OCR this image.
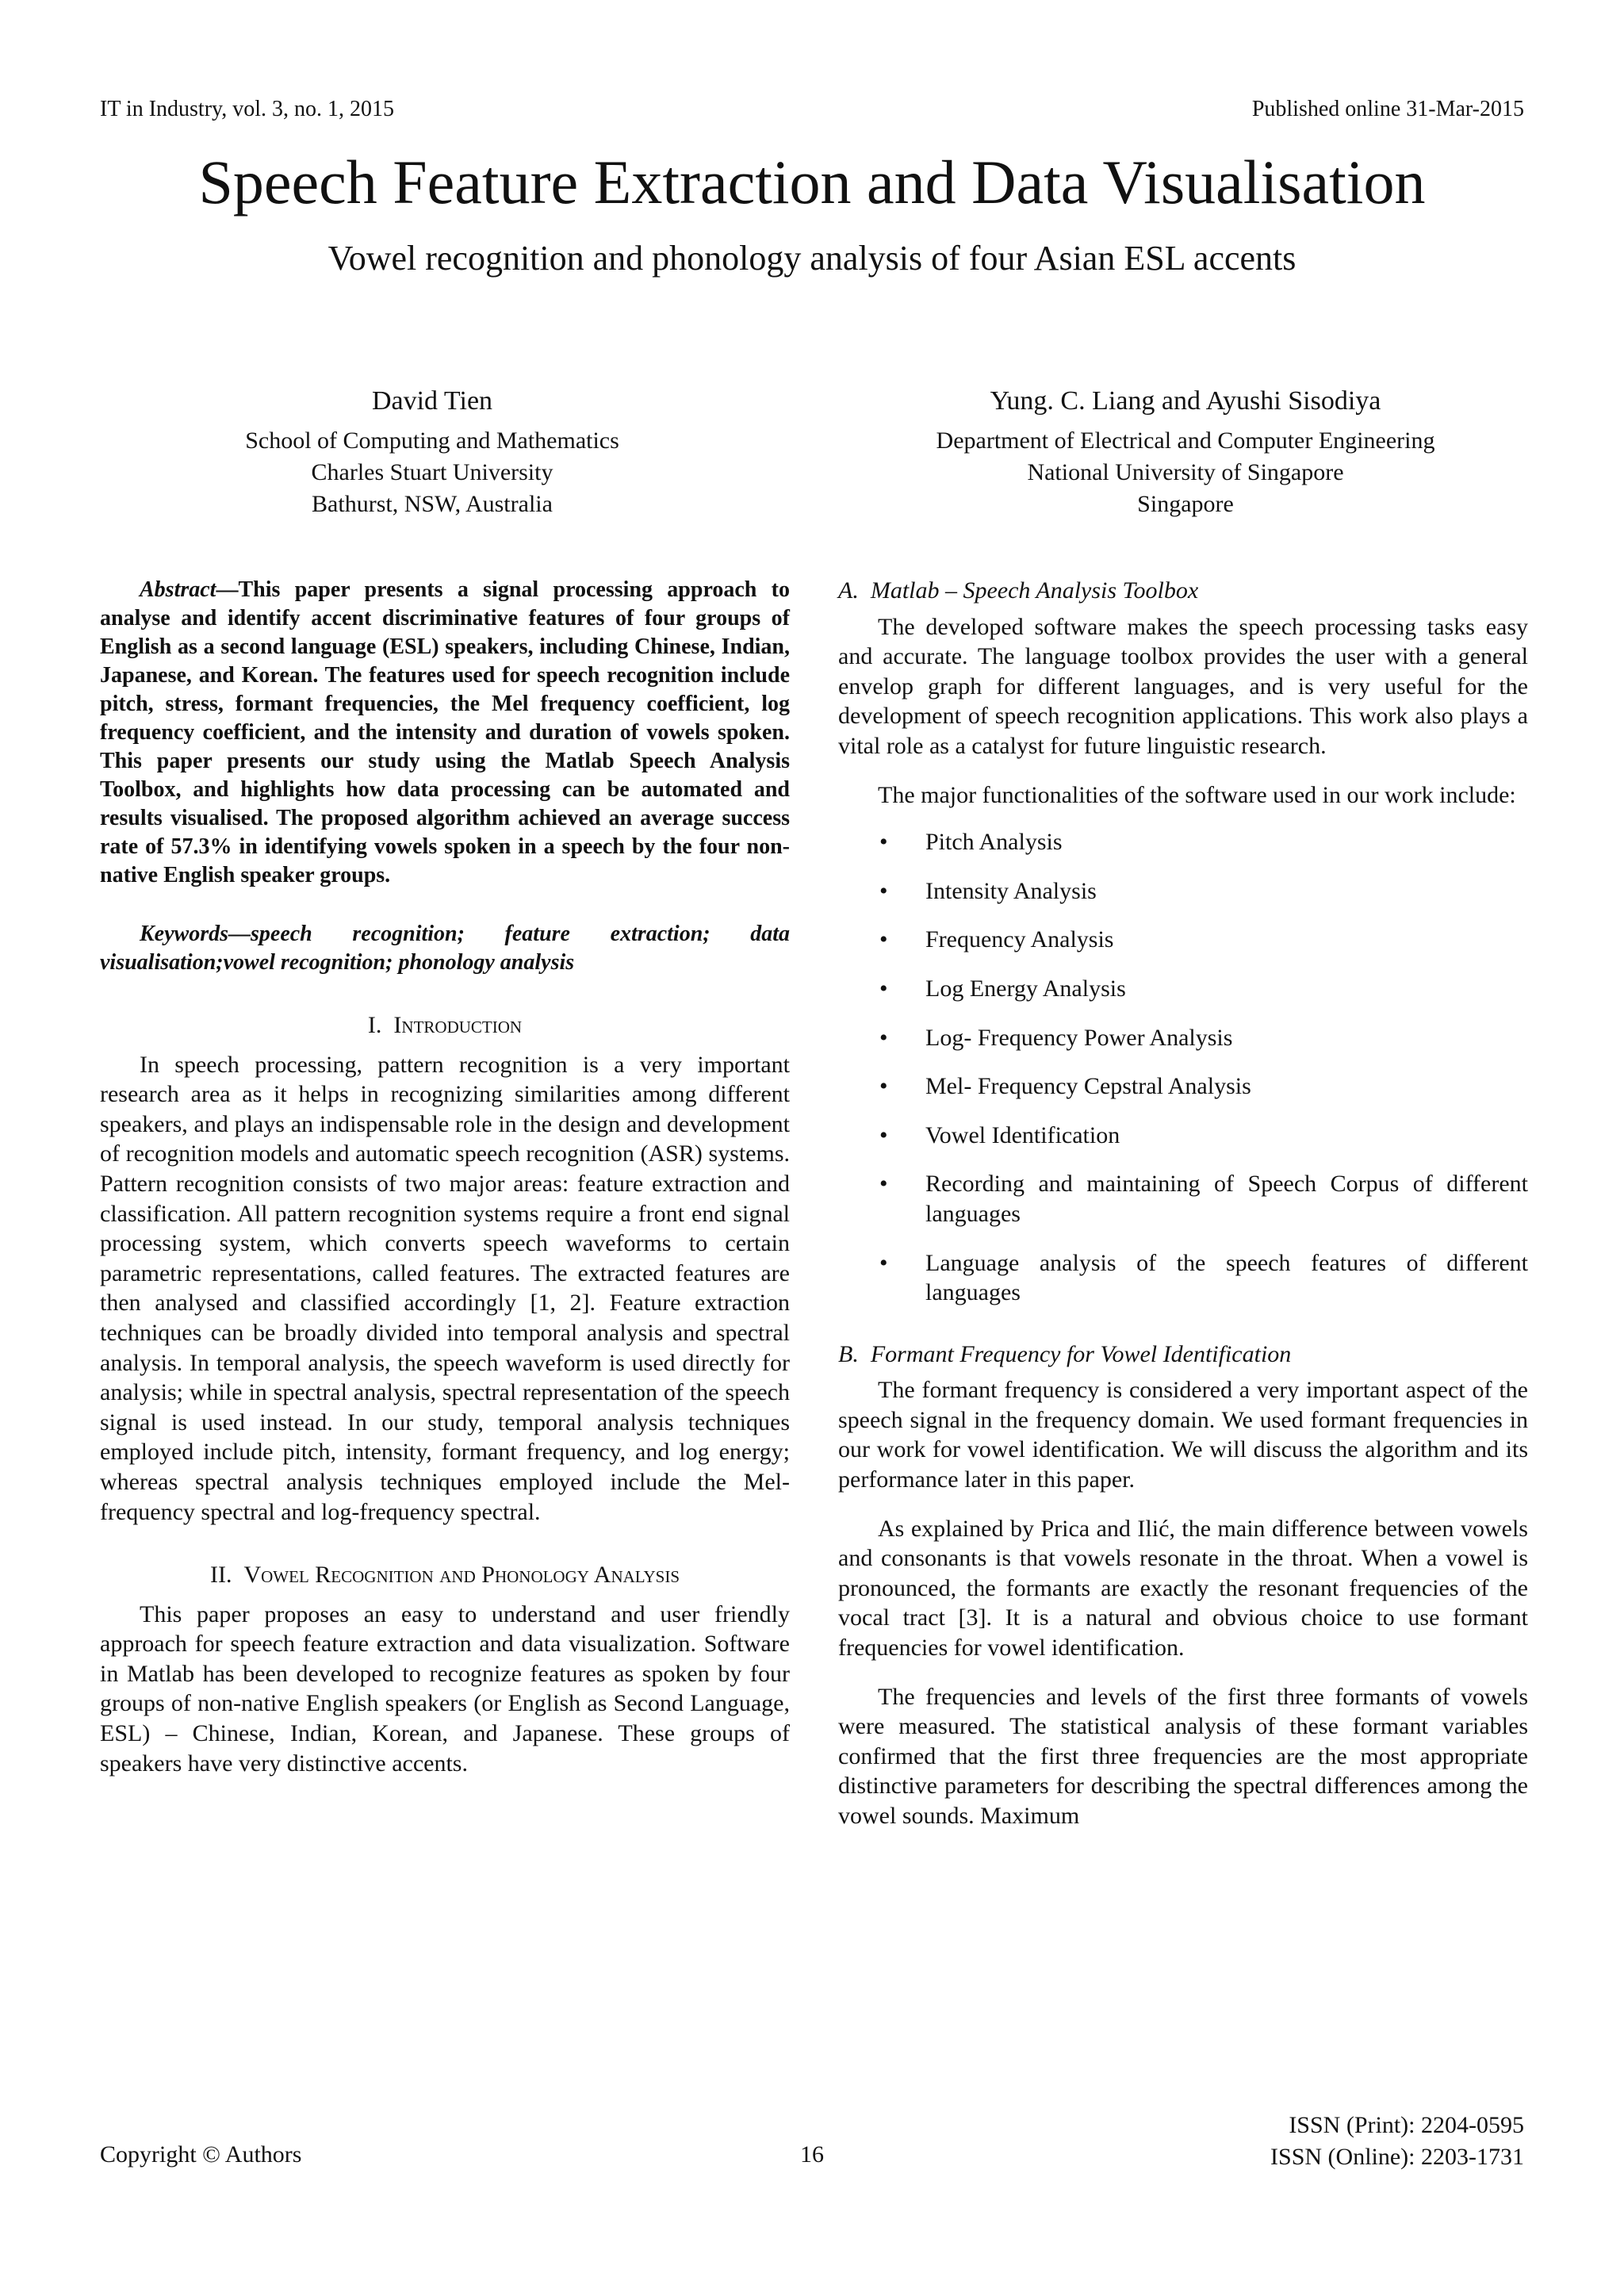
IT in Industry, vol. 3, no. 1, 2015	Published online 31-Mar-2015
Speech Feature Extraction and Data Visualisation
Vowel recognition and phonology analysis of four Asian ESL accents
David Tien
School of Computing and Mathematics
Charles Stuart University
Bathurst, NSW, Australia
Yung. C. Liang and Ayushi Sisodiya
Department of Electrical and Computer Engineering
National University of Singapore
Singapore

Abstract—This paper presents a signal processing approach to analyse and identify accent discriminative features of four groups of English as a second language (ESL) speakers, including Chinese, Indian, Japanese, and Korean. The features used for speech recognition include pitch, stress, formant frequencies, the Mel frequency coefficient, log frequency coefficient, and the intensity and duration of vowels spoken. This paper presents our study using the Matlab Speech Analysis Toolbox, and highlights how data processing can be automated and results visualised. The proposed algorithm achieved an average success rate of 57.3% in identifying vowels spoken in a speech by the four non-native English speaker groups.

Keywords—speech recognition; feature extraction; data visualisation;vowel recognition; phonology analysis

I. Introduction

In speech processing, pattern recognition is a very important research area as it helps in recognizing similarities among different speakers, and plays an indispensable role in the design and development of recognition models and automatic speech recognition (ASR) systems. Pattern recognition consists of two major areas: feature extraction and classification. All pattern recognition systems require a front end signal processing system, which converts speech waveforms to certain parametric representations, called features. The extracted features are then analysed and classified accordingly [1, 2]. Feature extraction techniques can be broadly divided into temporal analysis and spectral analysis. In temporal analysis, the speech waveform is used directly for analysis; while in spectral analysis, spectral representation of the speech signal is used instead. In our study, temporal analysis techniques employed include pitch, intensity, formant frequency, and log energy; whereas spectral analysis techniques employed include the Mel-frequency spectral and log-frequency spectral.

II. Vowel Recognition and Phonology Analysis

This paper proposes an easy to understand and user friendly approach for speech feature extraction and data visualization. Software in Matlab has been developed to recognize features as spoken by four groups of non-native English speakers (or English as Second Language, ESL) – Chinese, Indian, Korean, and Japanese. These groups of speakers have very distinctive accents.

A. Matlab – Speech Analysis Toolbox

The developed software makes the speech processing tasks easy and accurate. The language toolbox provides the user with a general envelop graph for different languages, and is very useful for the development of speech recognition applications. This work also plays a vital role as a catalyst for future linguistic research.

The major functionalities of the software used in our work include:

• Pitch Analysis
• Intensity Analysis
• Frequency Analysis
• Log Energy Analysis
• Log- Frequency Power Analysis
• Mel- Frequency Cepstral Analysis
• Vowel Identification
• Recording and maintaining of Speech Corpus of different languages
• Language analysis of the speech features of different languages
B. Formant Frequency for Vowel Identification

The formant frequency is considered a very important aspect of the speech signal in the frequency domain. We used formant frequencies in our work for vowel identification. We will discuss the algorithm and its performance later in this paper.

As explained by Prica and Ilić, the main difference between vowels and consonants is that vowels resonate in the throat. When a vowel is pronounced, the formants are exactly the resonant frequencies of the vocal tract [3]. It is a natural and obvious choice to use formant frequencies for vowel identification.

The frequencies and levels of the first three formants of vowels were measured. The statistical analysis of these formant variables confirmed that the first three frequencies are the most appropriate distinctive parameters for describing the spectral differences among the vowel sounds. Maximum

Copyright © Authors	16
ISSN (Print): 2204-0595
ISSN (Online): 2203-1731
